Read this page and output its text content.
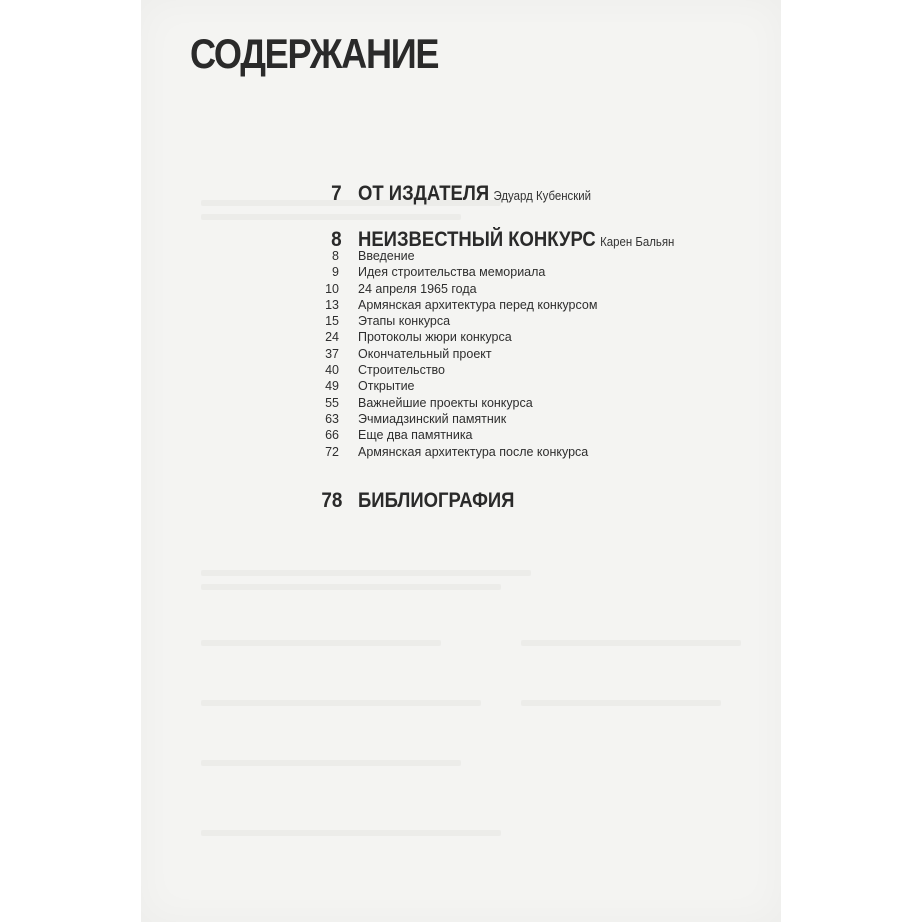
СОДЕРЖАНИЕ
7 ОТ ИЗДАТЕЛЯ Эдуард Кубенский
8 НЕИЗВЕСТНЫЙ КОНКУРС Карен Бальян
8 Введение
9 Идея строительства мемориала
10 24 апреля 1965 года
13 Армянская архитектура перед конкурсом
15 Этапы конкурса
24 Протоколы жюри конкурса
37 Окончательный проект
40 Строительство
49 Открытие
55 Важнейшие проекты конкурса
63 Эчмиадзинский памятник
66 Еще два памятника
72 Армянская архитектура после конкурса
78 БИБЛИОГРАФИЯ
